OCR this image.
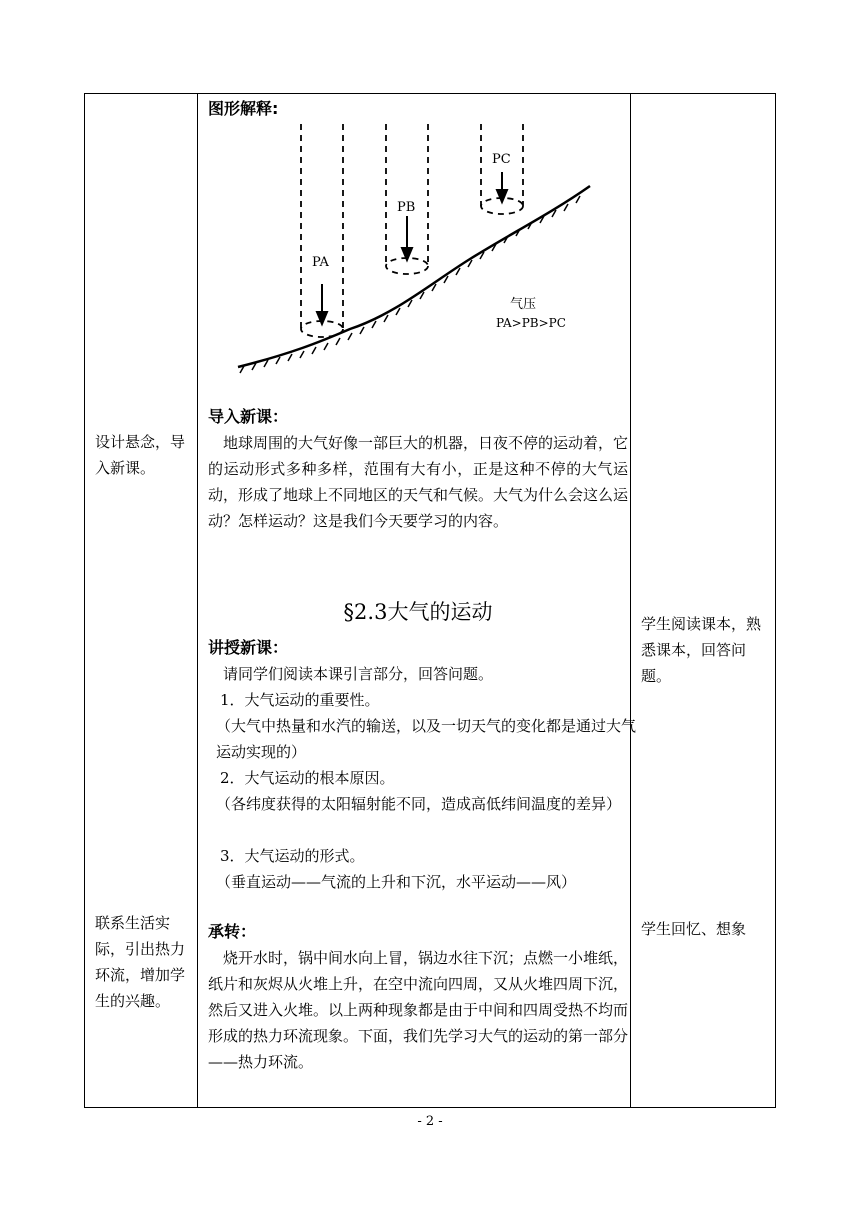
设计悬念，导入新课。
联系生活实际，引出热力环流，增加学生的兴趣。
学生阅读课本，熟悉课本，回答问题。
学生回忆、想象
图形解释:
PA
PB
PC
气压
PA>PB>PC
导入新课：
地球周围的大气好像一部巨大的机器，日夜不停的运动着，它的运动形式多种多样，范围有大有小，正是这种不停的大气运动，形成了地球上不同地区的天气和气候。大气为什么会这么运动？怎样运动？这是我们今天要学习的内容。
§2.3大气的运动
讲授新课：
请同学们阅读本课引言部分，回答问题。
1．大气运动的重要性。
（大气中热量和水汽的输送，以及一切天气的变化都是通过大气运动实现的）
2．大气运动的根本原因。
（各纬度获得的太阳辐射能不同，造成高低纬间温度的差异）
3．大气运动的形式。
（垂直运动——气流的上升和下沉，水平运动——风）
承转：
烧开水时，锅中间水向上冒，锅边水往下沉；点燃一小堆纸，纸片和灰烬从火堆上升，在空中流向四周，又从火堆四周下沉，然后又进入火堆。以上两种现象都是由于中间和四周受热不均而形成的热力环流现象。下面，我们先学习大气的运动的第一部分——热力环流。
- 2 -
